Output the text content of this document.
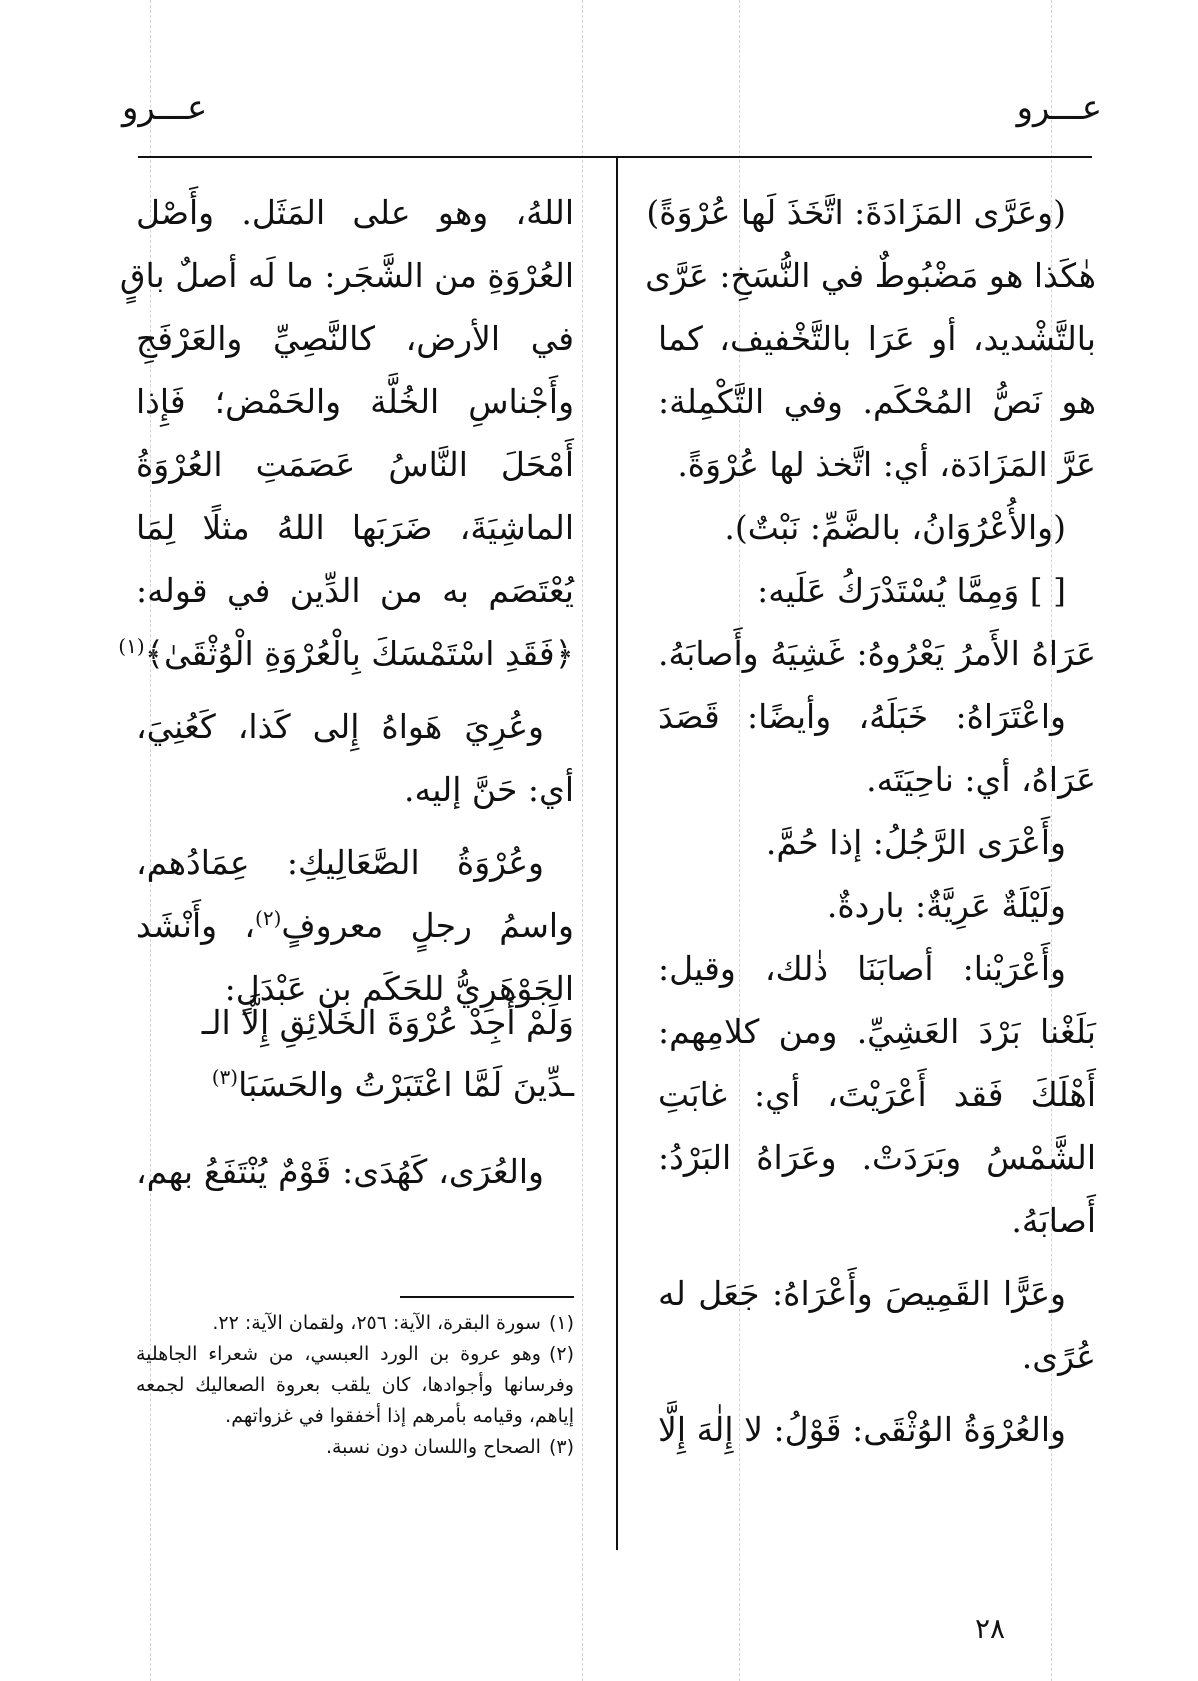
عـــرو
عـــرو

(وعَرَّى المَزَادَةَ: اتَّخَذَ لَها عُرْوَةً)

هٰكَذا هو مَضْبُوطٌ في النُّسَخِ: عَرَّى

بالتَّشْديد، أو عَرَا بالتَّخْفيف، كما

هو نَصُّ المُحْكَم. وفي التَّكْمِلة:

عَرَّ المَزَادَة، أي: اتَّخذ لها عُرْوَةً.

(والأُعْرُوَانُ، بالضَّمِّ: نَبْتٌ).

[ ] وَمِمَّا يُسْتَدْرَكُ عَلَيه:

عَرَاهُ الأَمرُ يَعْرُوهُ: غَشِيَهُ وأَصابَهُ.

واعْتَرَاهُ: خَبَلَهُ، وأيضًا: قَصَدَ

عَرَاهُ، أي: ناحِيَتَه.

وأَعْرَى الرَّجُلُ: إذا حُمَّ.

ولَيْلَةٌ عَرِيَّةٌ: باردةٌ.

وأَعْرَيْنا: أصابَنَا ذٰلك، وقيل:

بَلَغْنا بَرْدَ العَشِيِّ. ومن كلامِهم:

أَهْلَكَ فَقد أَعْرَيْتَ، أي: غابَتِ

الشَّمْسُ وبَرَدَتْ. وعَرَاهُ البَرْدُ:

أَصابَهُ.

وعَرًّا القَمِيصَ وأَعْرَاهُ: جَعَل له

عُرًى.

والعُرْوَةُ الوُثْقَى: قَوْلُ: لا إِلٰهَ إِلَّا

اللهُ، وهو على المَثَل. وأَصْل

العُرْوَةِ من الشَّجَر: ما لَه أصلٌ باقٍ

في الأرض، كالنَّصِيِّ والعَرْفَجِ

وأَجْناسِ الخُلَّة والحَمْض؛ فَإِذا

أَمْحَلَ النَّاسُ عَصَمَتِ العُرْوَةُ

الماشِيَةَ، ضَرَبَها اللهُ مثلًا لِمَا

يُعْتَصَم به من الدِّين في قوله:

﴿فَقَدِ اسْتَمْسَكَ بِالْعُرْوَةِ الْوُثْقَىٰ﴾$^{(١)}$

وعُرِيَ هَواهُ إِلى كَذا، كَعُنِيَ،

أي: حَنَّ إليه.

وعُرْوَةُ الصَّعَالِيكِ: عِمَادُهم،

واسمُ رجلٍ معروفٍ$^{(٢)}$، وأَنْشَد

الجَوْهَرِيُّ للحَكَم بن عَبْدَلٍ:

وَلَمْ أَجِدْ عُرْوَةَ الخَلَائِقِ إِلَّا الـ
ـدِّينَ لَمَّا اعْتَبَرْتُ والحَسَبَا$^{(٣)}$

والعُرَى، كَهُدَى: قَوْمٌ يُنْتَفَعُ بهم،

(١)سورة البقرة، الآية: ٢٥٦، ولقمان الآية: ٢٢.

(٢)وهو عروة بن الورد العبسي، من شعراء الجاهلية وفرسانها وأجوادها، كان يلقب بعروة الصعاليك لجمعه إياهم، وقيامه بأمرهم إذا أخفقوا في غزواتهم.

(٣)الصحاح واللسان دون نسبة.

٢٨
